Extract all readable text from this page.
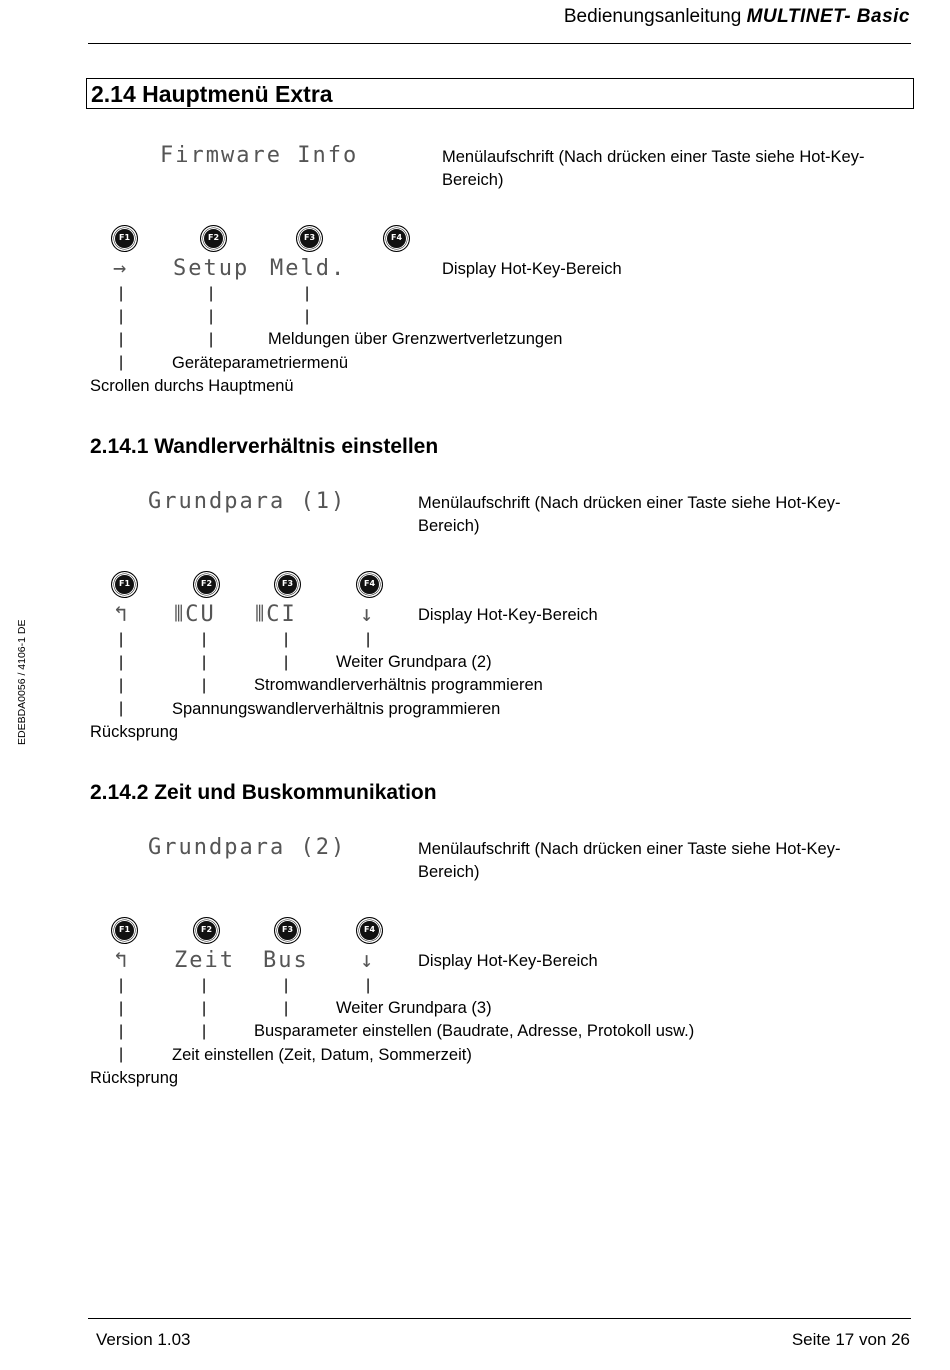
Bedienungsanleitung MULTINET- Basic
EDEBDA0056 / 4106-1 DE
2.14 Hauptmenü Extra
Firmware Info	Menülaufschrift (Nach drücken einer Taste siehe Hot-Key-
Bereich)
F1	F2	F3	F4
→ Setup Meld.	Display Hot-Key-Bereich
|	|	|
|	|	|
|	|	Meldungen über Grenzwertverletzungen
|	Geräteparametriermenü
Scrollen durchs Hauptmenü
2.14.1 Wandlerverhältnis einstellen
Grundpara (1)	Menülaufschrift (Nach drücken einer Taste siehe Hot-Key-
Bereich)
F1	F2	F3	F4
↰ ⫴CU ⫴CI	↓	Display Hot-Key-Bereich
|	|	|	|
|	|	|	Weiter Grundpara (2)
|	|	Stromwandlerverhältnis programmieren
|	Spannungswandlerverhältnis programmieren
Rücksprung
2.14.2 Zeit und Buskommunikation
Grundpara (2)	Menülaufschrift (Nach drücken einer Taste siehe Hot-Key-
Bereich)
F1	F2	F3	F4
↰ Zeit Bus ↓	Display Hot-Key-Bereich
|	|	|	|
|	|	|	Weiter Grundpara (3)
|	|	Busparameter einstellen (Baudrate, Adresse, Protokoll usw.)
|	Zeit einstellen (Zeit, Datum, Sommerzeit)
Rücksprung
Version 1.03	Seite 17 von 26
